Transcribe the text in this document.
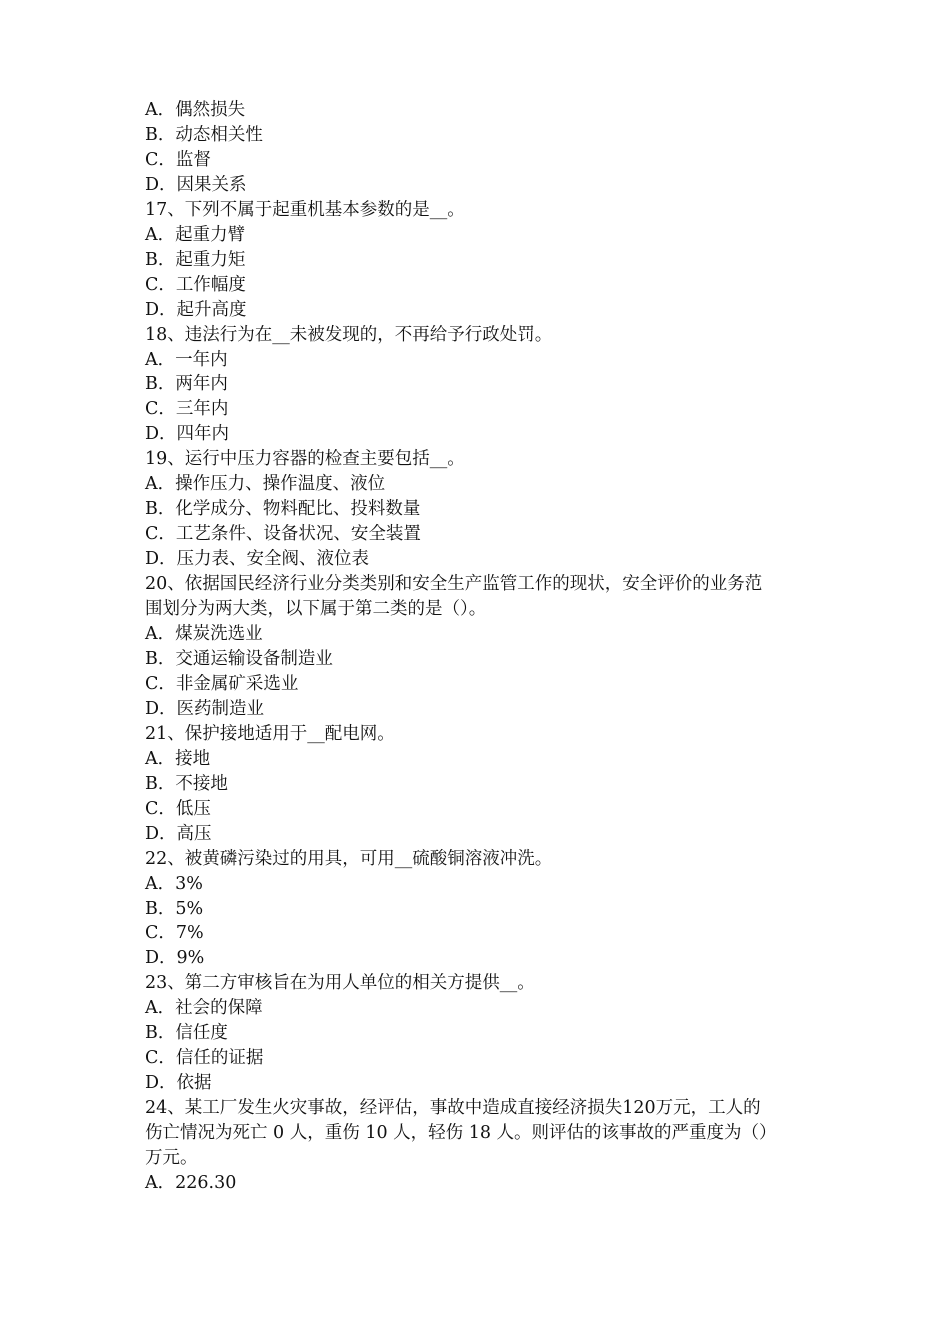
A．偶然损失
B．动态相关性
C．监督
D．因果关系
17、下列不属于起重机基本参数的是__。
A．起重力臂
B．起重力矩
C．工作幅度
D．起升高度
18、违法行为在__未被发现的，不再给予行政处罚。
A．一年内
B．两年内
C．三年内
D．四年内
19、运行中压力容器的检查主要包括__。
A．操作压力、操作温度、液位
B．化学成分、物料配比、投料数量
C．工艺条件、设备状况、安全装置
D．压力表、安全阀、液位表
20、依据国民经济行业分类类别和安全生产监管工作的现状，安全评价的业务范
围划分为两大类，以下属于第二类的是（）。
A．煤炭洗选业
B．交通运输设备制造业
C．非金属矿采选业
D．医药制造业
21、保护接地适用于__配电网。
A．接地
B．不接地
C．低压
D．高压
22、被黄磷污染过的用具，可用__硫酸铜溶液冲洗。
A．3%
B．5%
C．7%
D．9%
23、第二方审核旨在为用人单位的相关方提供__。
A．社会的保障
B．信任度
C．信任的证据
D．依据
24、某工厂发生火灾事故，经评估，事故中造成直接经济损失120万元，工人的
伤亡情况为死亡 0 人，重伤 10 人，轻伤 18 人。则评估的该事故的严重度为（）
万元。
A．226.30
